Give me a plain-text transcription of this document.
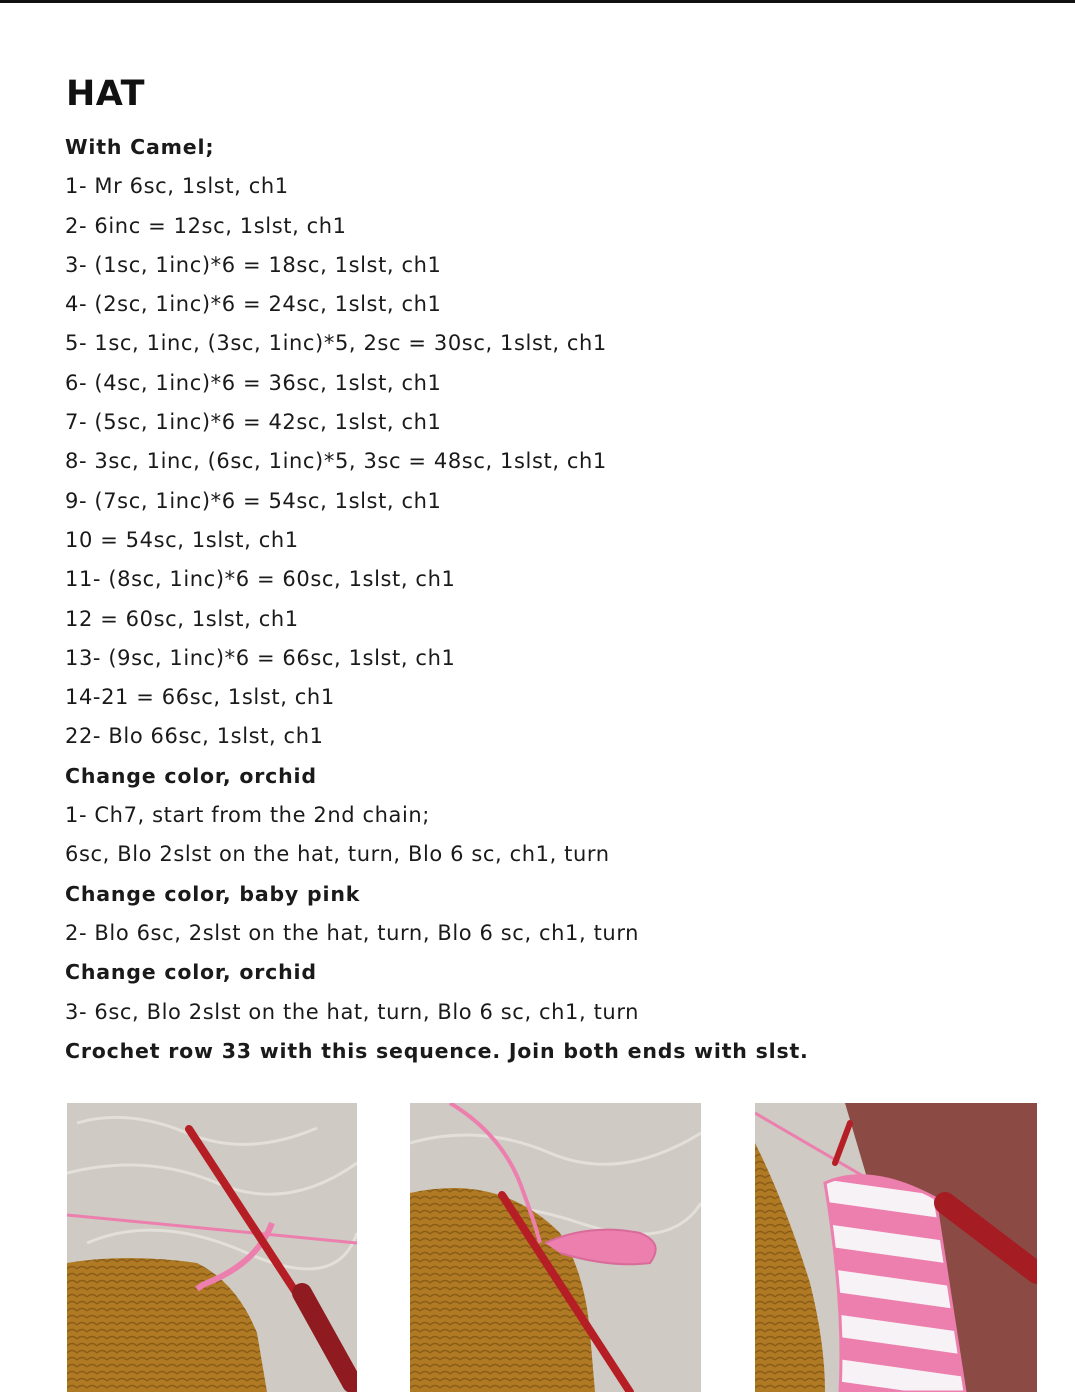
HAT
With Camel;
1- Mr 6sc, 1slst, ch1
2- 6inc = 12sc, 1slst, ch1
3- (1sc, 1inc)*6 = 18sc, 1slst, ch1
4- (2sc, 1inc)*6 = 24sc, 1slst, ch1
5- 1sc, 1inc, (3sc, 1inc)*5, 2sc = 30sc, 1slst, ch1
6- (4sc, 1inc)*6 = 36sc, 1slst, ch1
7- (5sc, 1inc)*6 = 42sc, 1slst, ch1
8- 3sc, 1inc, (6sc, 1inc)*5, 3sc = 48sc, 1slst, ch1
9- (7sc, 1inc)*6 = 54sc, 1slst, ch1
10 = 54sc, 1slst, ch1
11- (8sc, 1inc)*6 = 60sc, 1slst, ch1
12 = 60sc, 1slst, ch1
13- (9sc, 1inc)*6 = 66sc, 1slst, ch1
14-21 = 66sc, 1slst, ch1
22- Blo 66sc, 1slst, ch1
Change color, orchid
1- Ch7, start from the 2nd chain;
6sc, Blo 2slst on the hat, turn, Blo 6 sc, ch1, turn
Change color, baby pink
2- Blo 6sc, 2slst on the hat, turn, Blo 6 sc, ch1, turn
Change color, orchid
3- 6sc, Blo 2slst on the hat, turn, Blo 6 sc, ch1, turn
Crochet row 33 with this sequence. Join both ends with slst.
